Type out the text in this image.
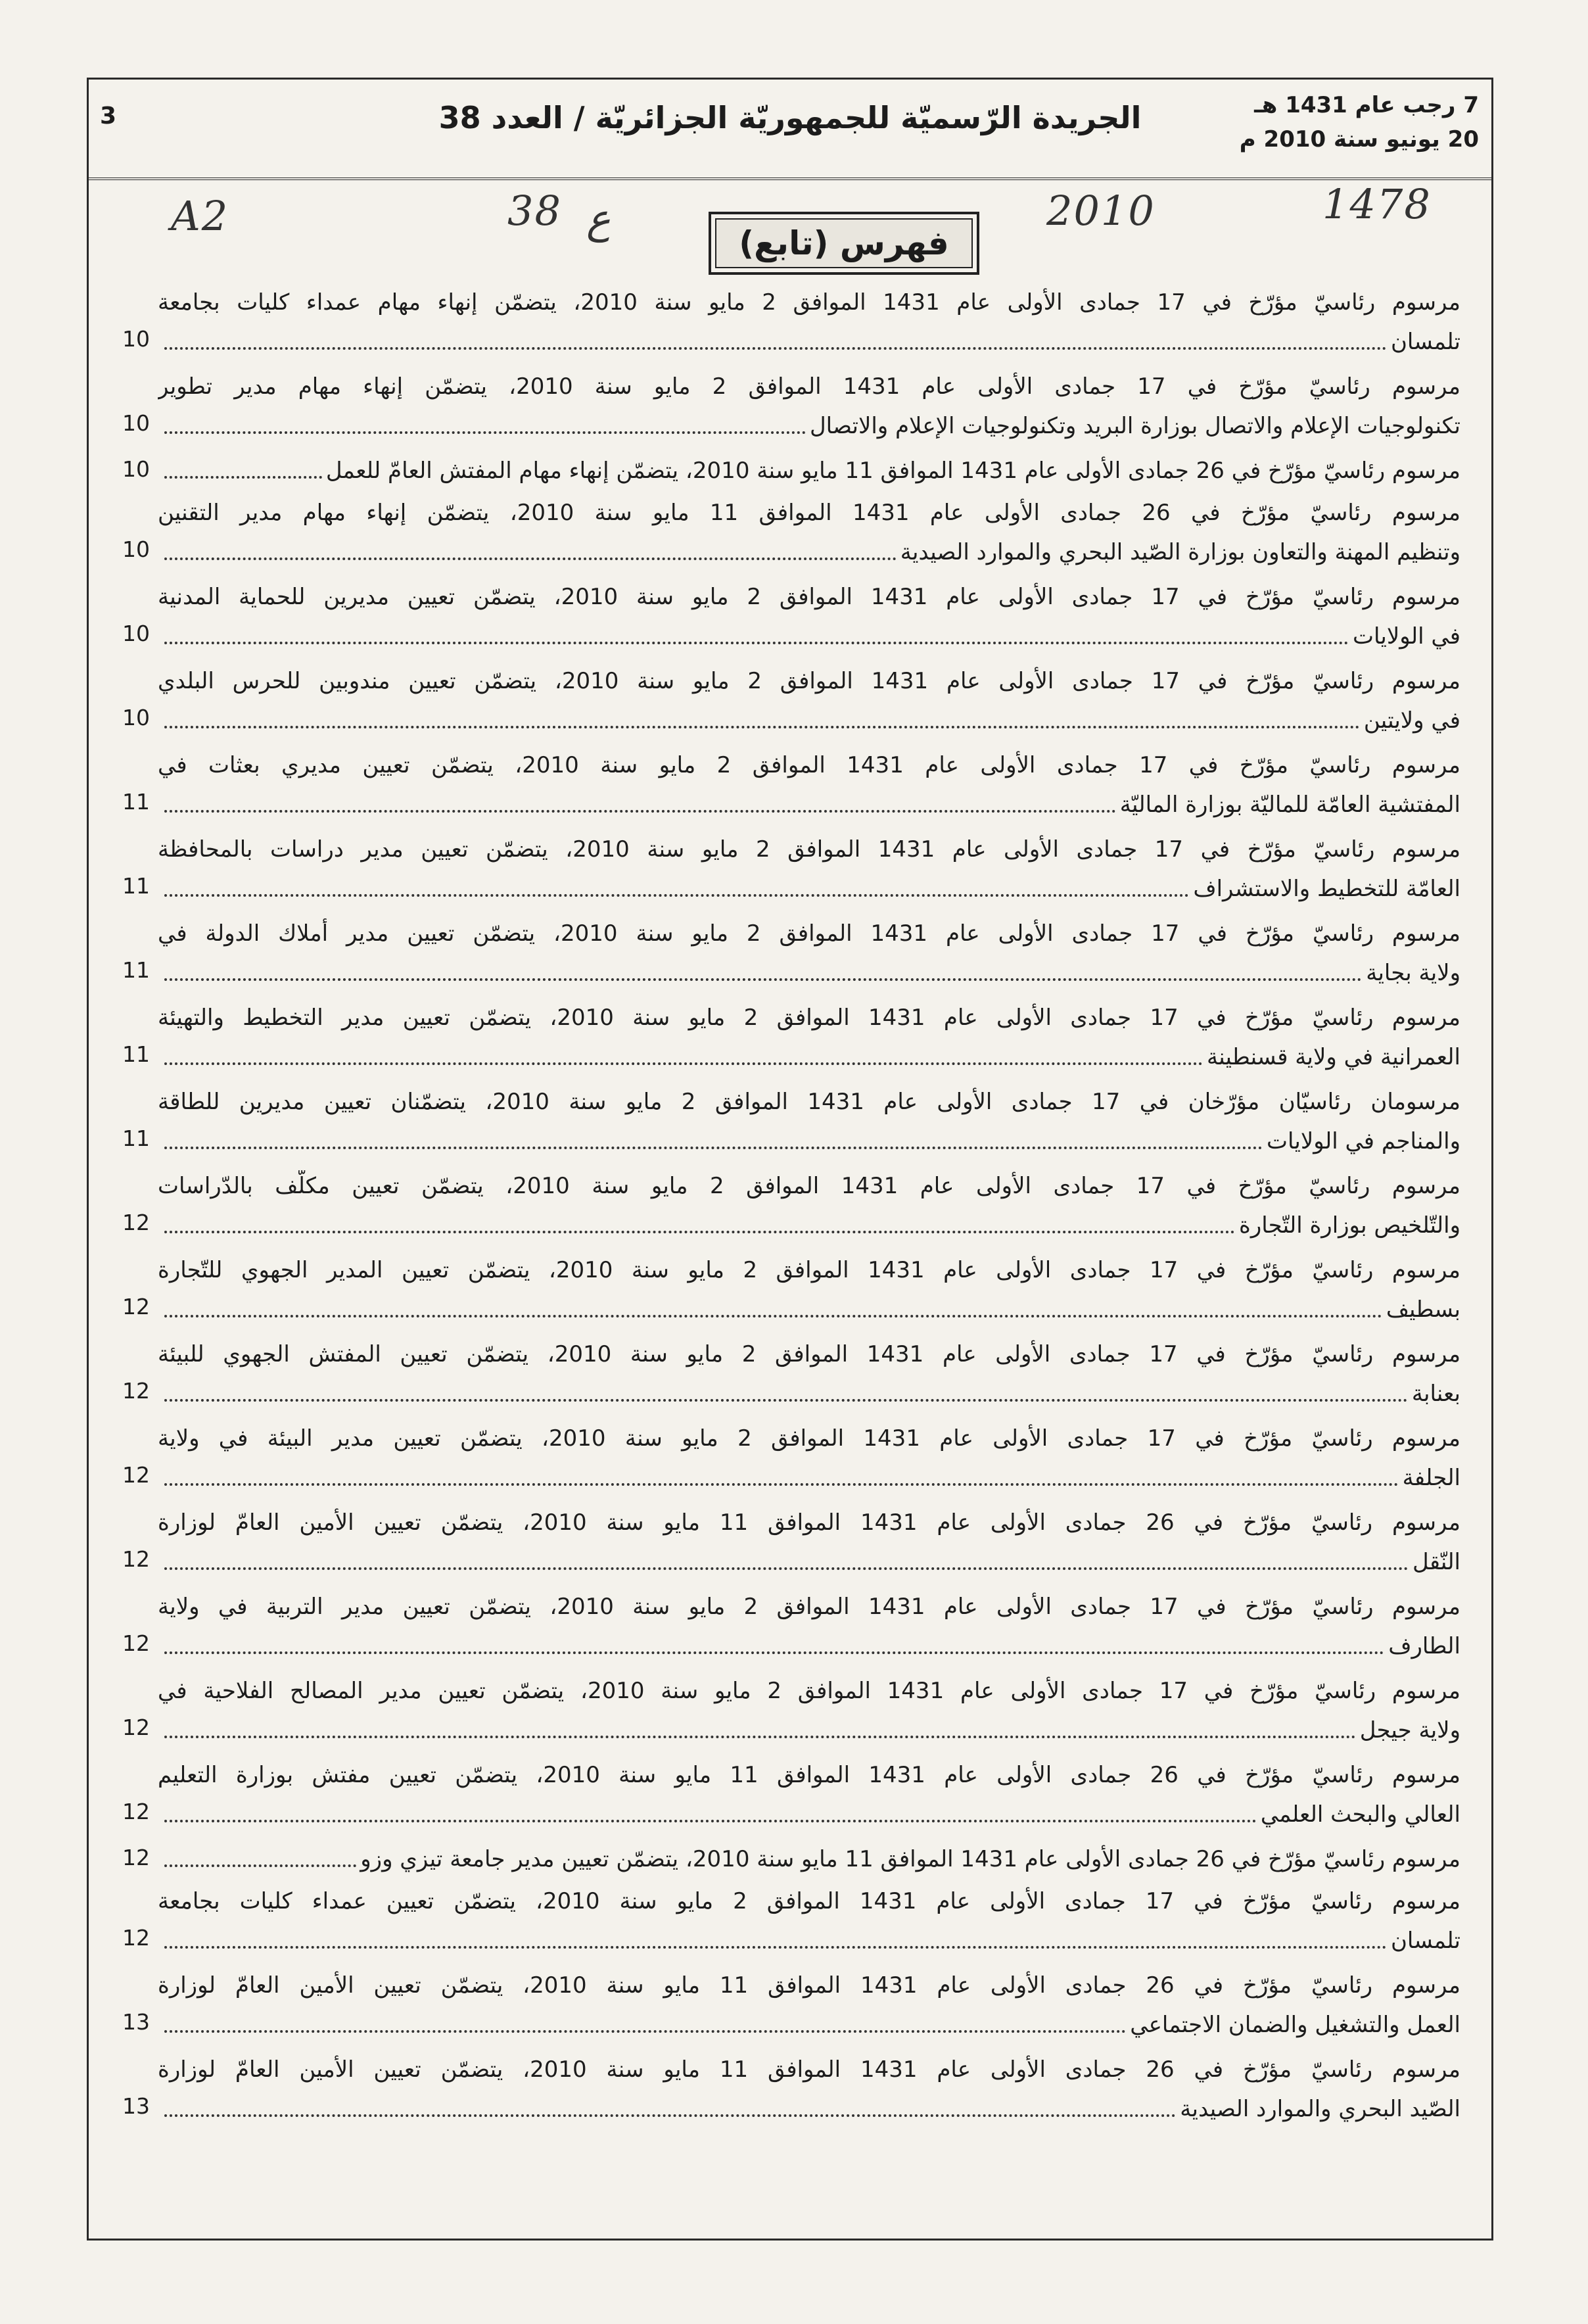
3	الجريدة الرّسميّة للجمهوريّة الجزائريّة / العدد 38	7 رجب عام 1431 هـ
20 يونيو سنة 2010 م
A2	38 ع	2010	1478
فهرس (تابع)
مرسوم رئاسيّ مؤرّخ في 17 جمادى الأولى عام 1431 الموافق 2 مايو سنة 2010، يتضمّن إنهاء مهام عمداء كليات بجامعة
تلمسان
10
مرسوم رئاسيّ مؤرّخ في 17 جمادى الأولى عام 1431 الموافق 2 مايو سنة 2010، يتضمّن إنهاء مهام مدير تطوير
تكنولوجيات الإعلام والاتصال بوزارة البريد وتكنولوجيات الإعلام والاتصال
10
مرسوم رئاسيّ مؤرّخ في 26 جمادى الأولى عام 1431 الموافق 11 مايو سنة 2010، يتضمّن إنهاء مهام المفتش العامّ للعمل
10
مرسوم رئاسيّ مؤرّخ في 26 جمادى الأولى عام 1431 الموافق 11 مايو سنة 2010، يتضمّن إنهاء مهام مدير التقنين
وتنظيم المهنة والتعاون بوزارة الصّيد البحري والموارد الصيدية
10
مرسوم رئاسيّ مؤرّخ في 17 جمادى الأولى عام 1431 الموافق 2 مايو سنة 2010، يتضمّن تعيين مديرين للحماية المدنية
في الولايات
10
مرسوم رئاسيّ مؤرّخ في 17 جمادى الأولى عام 1431 الموافق 2 مايو سنة 2010، يتضمّن تعيين مندوبين للحرس البلدي
في ولايتين
10
مرسوم رئاسيّ مؤرّخ في 17 جمادى الأولى عام 1431 الموافق 2 مايو سنة 2010، يتضمّن تعيين مديري بعثات في
المفتشية العامّة للماليّة بوزارة الماليّة
11
مرسوم رئاسيّ مؤرّخ في 17 جمادى الأولى عام 1431 الموافق 2 مايو سنة 2010، يتضمّن تعيين مدير دراسات بالمحافظة
العامّة للتخطيط والاستشراف
11
مرسوم رئاسيّ مؤرّخ في 17 جمادى الأولى عام 1431 الموافق 2 مايو سنة 2010، يتضمّن تعيين مدير أملاك الدولة في
ولاية بجاية
11
مرسوم رئاسيّ مؤرّخ في 17 جمادى الأولى عام 1431 الموافق 2 مايو سنة 2010، يتضمّن تعيين مدير التخطيط والتهيئة
العمرانية في ولاية قسنطينة
11
مرسومان رئاسيّان مؤرّخان في 17 جمادى الأولى عام 1431 الموافق 2 مايو سنة 2010، يتضمّنان تعيين مديرين للطاقة
والمناجم في الولايات
11
مرسوم رئاسيّ مؤرّخ في 17 جمادى الأولى عام 1431 الموافق 2 مايو سنة 2010، يتضمّن تعيين مكلّف بالدّراسات
والتّلخيص بوزارة التّجارة
12
مرسوم رئاسيّ مؤرّخ في 17 جمادى الأولى عام 1431 الموافق 2 مايو سنة 2010، يتضمّن تعيين المدير الجهوي للتّجارة
بسطيف
12
مرسوم رئاسيّ مؤرّخ في 17 جمادى الأولى عام 1431 الموافق 2 مايو سنة 2010، يتضمّن تعيين المفتش الجهوي للبيئة
بعنابة
12
مرسوم رئاسيّ مؤرّخ في 17 جمادى الأولى عام 1431 الموافق 2 مايو سنة 2010، يتضمّن تعيين مدير البيئة في ولاية
الجلفة
12
مرسوم رئاسيّ مؤرّخ في 26 جمادى الأولى عام 1431 الموافق 11 مايو سنة 2010، يتضمّن تعيين الأمين العامّ لوزارة
النّقل
12
مرسوم رئاسيّ مؤرّخ في 17 جمادى الأولى عام 1431 الموافق 2 مايو سنة 2010، يتضمّن تعيين مدير التربية في ولاية
الطارف
12
مرسوم رئاسيّ مؤرّخ في 17 جمادى الأولى عام 1431 الموافق 2 مايو سنة 2010، يتضمّن تعيين مدير المصالح الفلاحية في
ولاية جيجل
12
مرسوم رئاسيّ مؤرّخ في 26 جمادى الأولى عام 1431 الموافق 11 مايو سنة 2010، يتضمّن تعيين مفتش بوزارة التعليم
العالي والبحث العلمي
12
مرسوم رئاسيّ مؤرّخ في 26 جمادى الأولى عام 1431 الموافق 11 مايو سنة 2010، يتضمّن تعيين مدير جامعة تيزي وزو
12
مرسوم رئاسيّ مؤرّخ في 17 جمادى الأولى عام 1431 الموافق 2 مايو سنة 2010، يتضمّن تعيين عمداء كليات بجامعة
تلمسان
12
مرسوم رئاسيّ مؤرّخ في 26 جمادى الأولى عام 1431 الموافق 11 مايو سنة 2010، يتضمّن تعيين الأمين العامّ لوزارة
العمل والتشغيل والضمان الاجتماعي
13
مرسوم رئاسيّ مؤرّخ في 26 جمادى الأولى عام 1431 الموافق 11 مايو سنة 2010، يتضمّن تعيين الأمين العامّ لوزارة
الصّيد البحري والموارد الصيدية
13
